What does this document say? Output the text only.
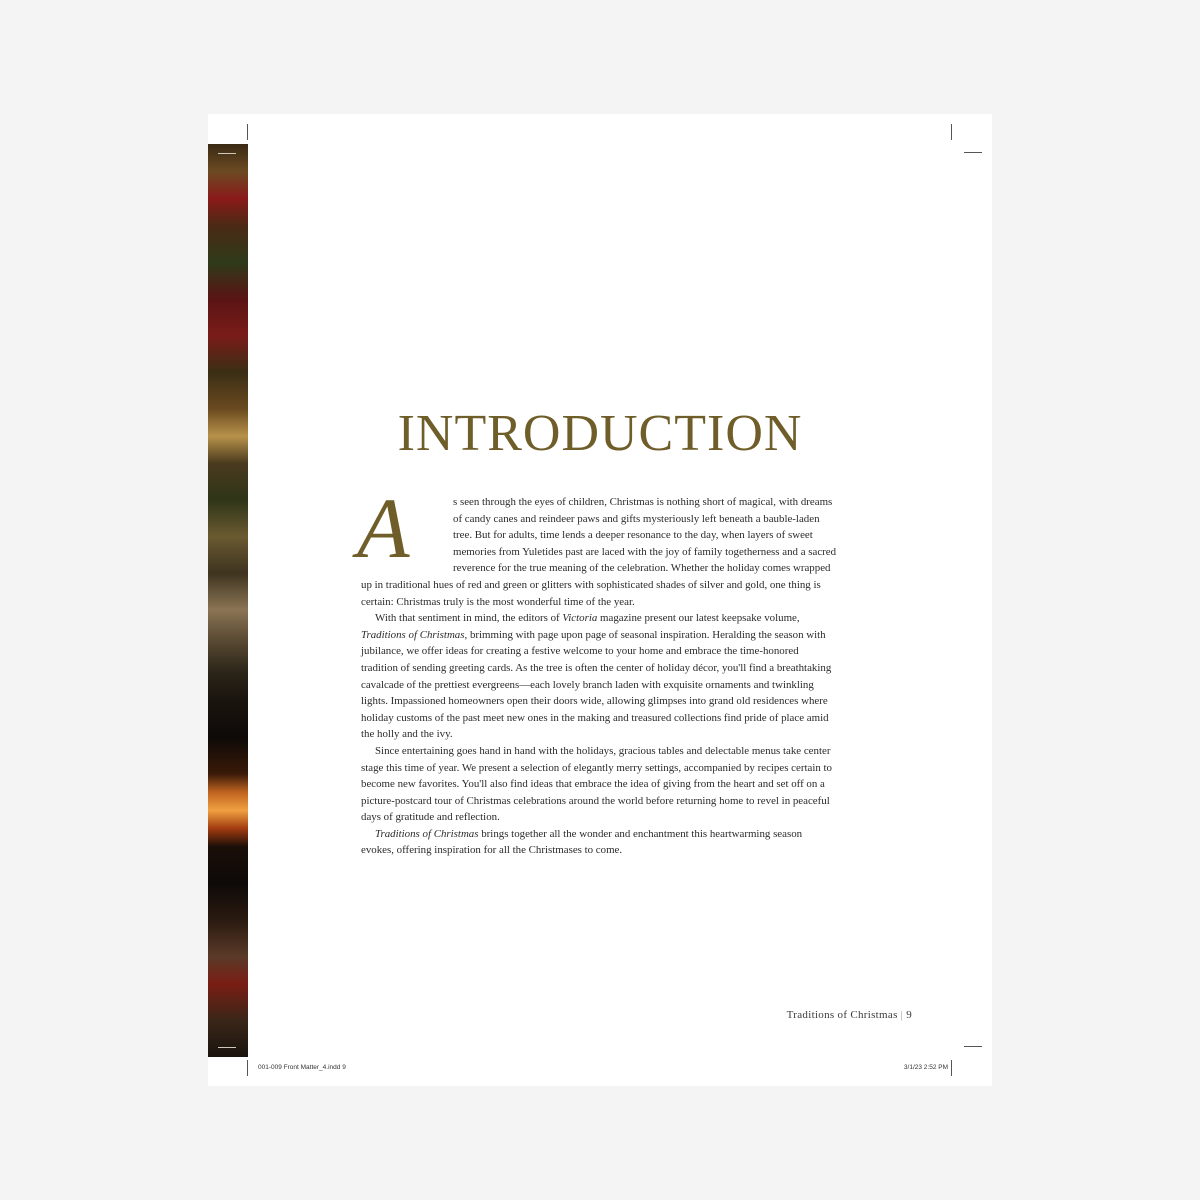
INTRODUCTION
A	s seen through the eyes of children, Christmas is nothing short of magical, with dreams of candy canes and reindeer paws and gifts mysteriously left beneath a bauble-laden tree. But for adults, time lends a deeper resonance to the day, when layers of sweet memories from Yuletides past are laced with the joy of family togetherness and a sacred reverence for the true meaning of the celebration. Whether the holiday comes wrapped up in traditional hues of red and green or glitters with sophisticated shades of silver and gold, one thing is certain: Christmas truly is the most wonderful time of the year.

With that sentiment in mind, the editors of Victoria magazine present our latest keepsake volume, Traditions of Christmas, brimming with page upon page of seasonal inspiration. Heralding the season with jubilance, we offer ideas for creating a festive welcome to your home and embrace the time-honored tradition of sending greeting cards. As the tree is often the center of holiday décor, you'll find a breathtaking cavalcade of the prettiest evergreens—each lovely branch laden with exquisite ornaments and twinkling lights. Impassioned homeowners open their doors wide, allowing glimpses into grand old residences where holiday customs of the past meet new ones in the making and treasured collections find pride of place amid the holly and the ivy.

Since entertaining goes hand in hand with the holidays, gracious tables and delectable menus take center stage this time of year. We present a selection of elegantly merry settings, accompanied by recipes certain to become new favorites. You'll also find ideas that embrace the idea of giving from the heart and set off on a picture-postcard tour of Christmas celebrations around the world before returning home to revel in peaceful days of gratitude and reflection.

Traditions of Christmas brings together all the wonder and enchantment this heartwarming season evokes, offering inspiration for all the Christmases to come.

Traditions of Christmas | 9
001-009 Front Matter_4.indd 9	3/1/23 2:52 PM
